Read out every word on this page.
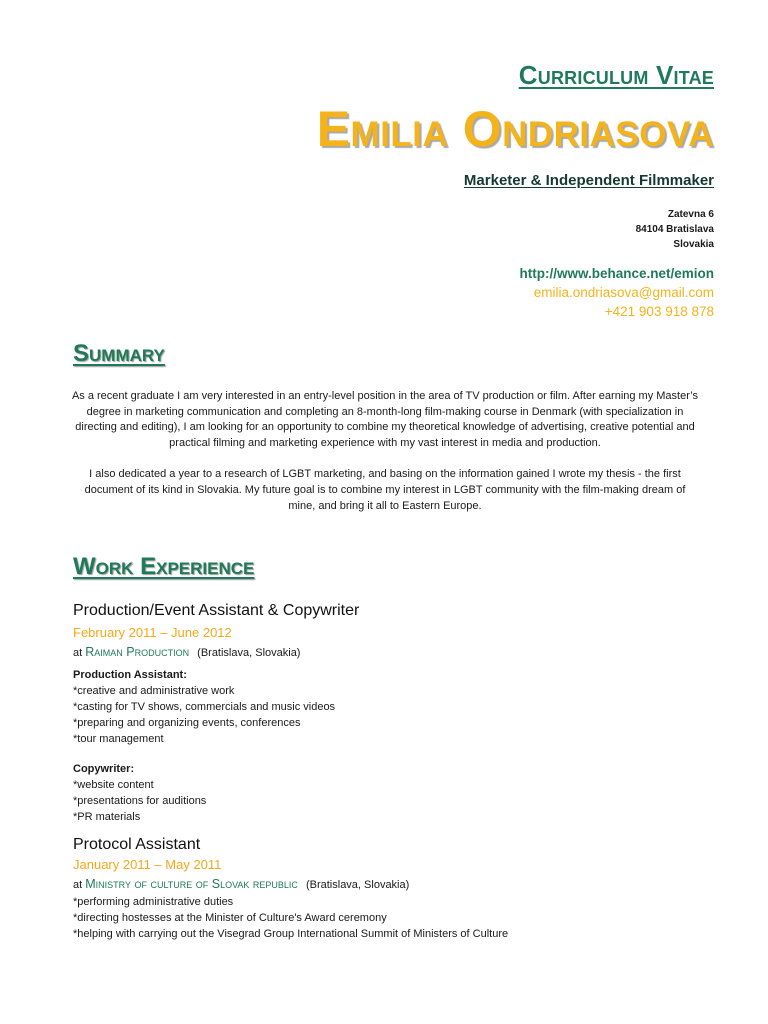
Curriculum Vitae
Emilia Ondriasova
Marketer & Independent Filmmaker
Zatevna 6
84104 Bratislava
Slovakia
http://www.behance.net/emion
emilia.ondriasova@gmail.com
+421 903 918 878
Summary

As a recent graduate I am very interested in an entry-level position in the area of TV production or film. After earning my Master’s degree in marketing communication and completing an 8-month-long film-making course in Denmark (with specialization in directing and editing), I am looking for an opportunity to combine my theoretical knowledge of advertising, creative potential and practical filming and marketing experience with my vast interest in media and production.

I also dedicated a year to a research of LGBT marketing, and basing on the information gained I wrote my thesis - the first document of its kind in Slovakia. My future goal is to combine my interest in LGBT community with the film-making dream of mine, and bring it all to Eastern Europe.

Work Experience
Production/Event Assistant & Copywriter
February 2011 – June 2012
at Raiman Production (Bratislava, Slovakia)
Production Assistant:
*creative and administrative work
*casting for TV shows, commercials and music videos
*preparing and organizing events, conferences
*tour management
Copywriter:
*website content
*presentations for auditions
*PR materials
Protocol Assistant
January 2011 – May 2011
at Ministry of culture of Slovak republic (Bratislava, Slovakia)
*performing administrative duties
*directing hostesses at the Minister of Culture's Award ceremony
*helping with carrying out the Visegrad Group International Summit of Ministers of Culture
